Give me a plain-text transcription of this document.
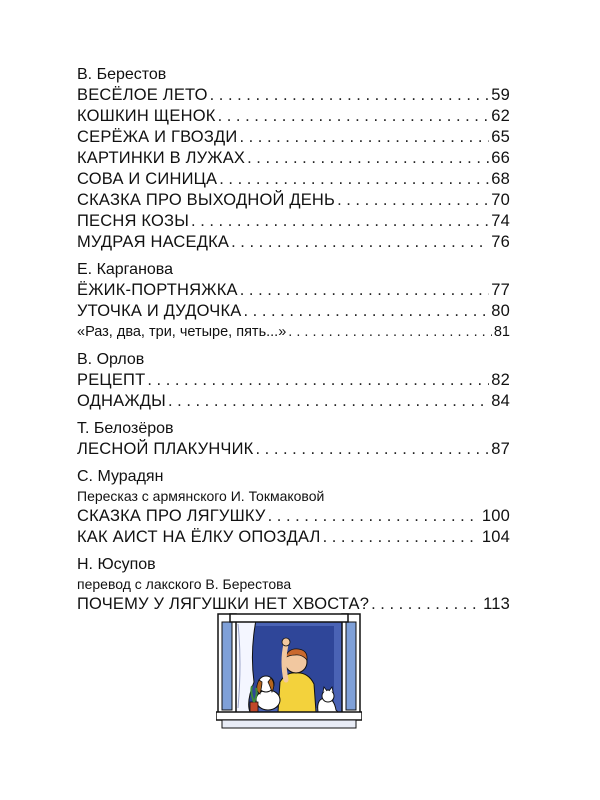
В. Берестов
ВЕСЁЛОЕ ЛЕТО . . .	59
КОШКИН ЩЕНОК . . .	62
СЕРЁЖА И ГВОЗДИ . . .	65
КАРТИНКИ В ЛУЖАХ . . .	66
СОВА И СИНИЦА . . .	68
СКАЗКА ПРО ВЫХОДНОЙ ДЕНЬ . . .	70
ПЕСНЯ КОЗЫ . . .	74
МУДРАЯ НАСЕДКА . . .	76
Е. Карганова
ЁЖИК-ПОРТНЯЖКА . . .	77
УТОЧКА И ДУДОЧКА . . .	80
«Раз, два, три, четыре, пять...» . . .	81
В. Орлов
РЕЦЕПТ . . .	82
ОДНАЖДЫ . . .	84
Т. Белозёров
ЛЕСНОЙ ПЛАКУНЧИК . . .	87
С. Мурадян
Пересказ с армянского И. Токмаковой
СКАЗКА ПРО ЛЯГУШКУ . . .	100
КАК АИСТ НА ЁЛКУ ОПОЗДАЛ . . .	104
Н. Юсупов
перевод с лакского В. Берестова
ПОЧЕМУ У ЛЯГУШКИ НЕТ ХВОСТА? . . .	113
